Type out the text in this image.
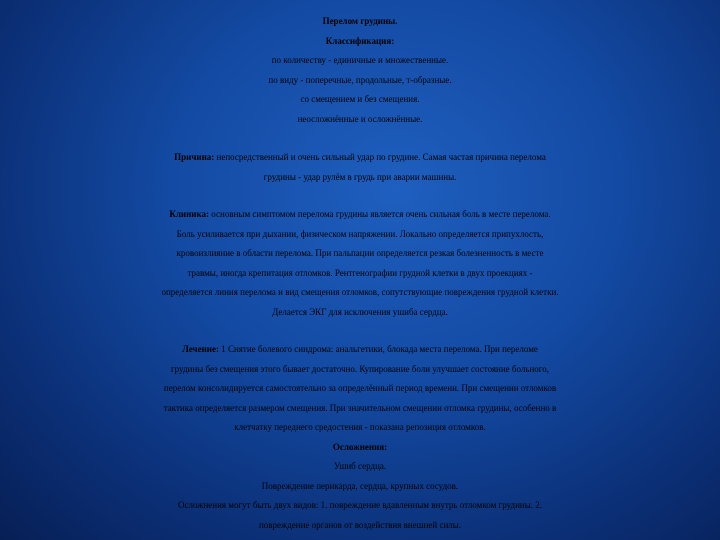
Перелом грудины.
Классификация:
по количеству - единичные и множественные.
по виду - поперечные, продольные, т-образные.
со смещением и без смещения.
неосложнённые и осложнённые.
Причина: непосредственный и очень сильный удар по грудине. Самая частая причина перелома
грудины - удар рулём в грудь при аварии машины.
Клиника: основным симптомом перелома грудины является очень сильная боль в месте перелома.
Боль усиливается при дыхании, физическом напряжении. Локально определяется припухлость,
кровоизлияние в области перелома. При пальпации определяется резкая болезненность в месте
травмы, иногда крепитация отломков. Рентгенографии грудной клетки в двух проекциях -
определяется линия перелома и вид смещения отломков, сопутствующие повреждения грудной клетки.
Делается ЭКГ для исключения ушиба сердца.
Лечение: 1 Снятие болевого синдрома: анальгетики, блокада места перелома. При переломе
грудины без смещения этого бывает достаточно. Купирование боли улучшает состояние больного,
перелом консолидируется самостоятельно за определённый период времени. При смещении отломков
тактика определяется размером смещения. При значительном смещении отломка грудины, особенно в
клетчатку переднего средостения - показана репозиция отломков.
Осложнения:
Ушиб сердца.
Повреждение перикарда, сердца, крупных сосудов.
Осложнения могут быть двух видов: 1. повреждение вдавленным внутрь отломком грудины. 2.
повреждение органов от воздействия внешней силы.
